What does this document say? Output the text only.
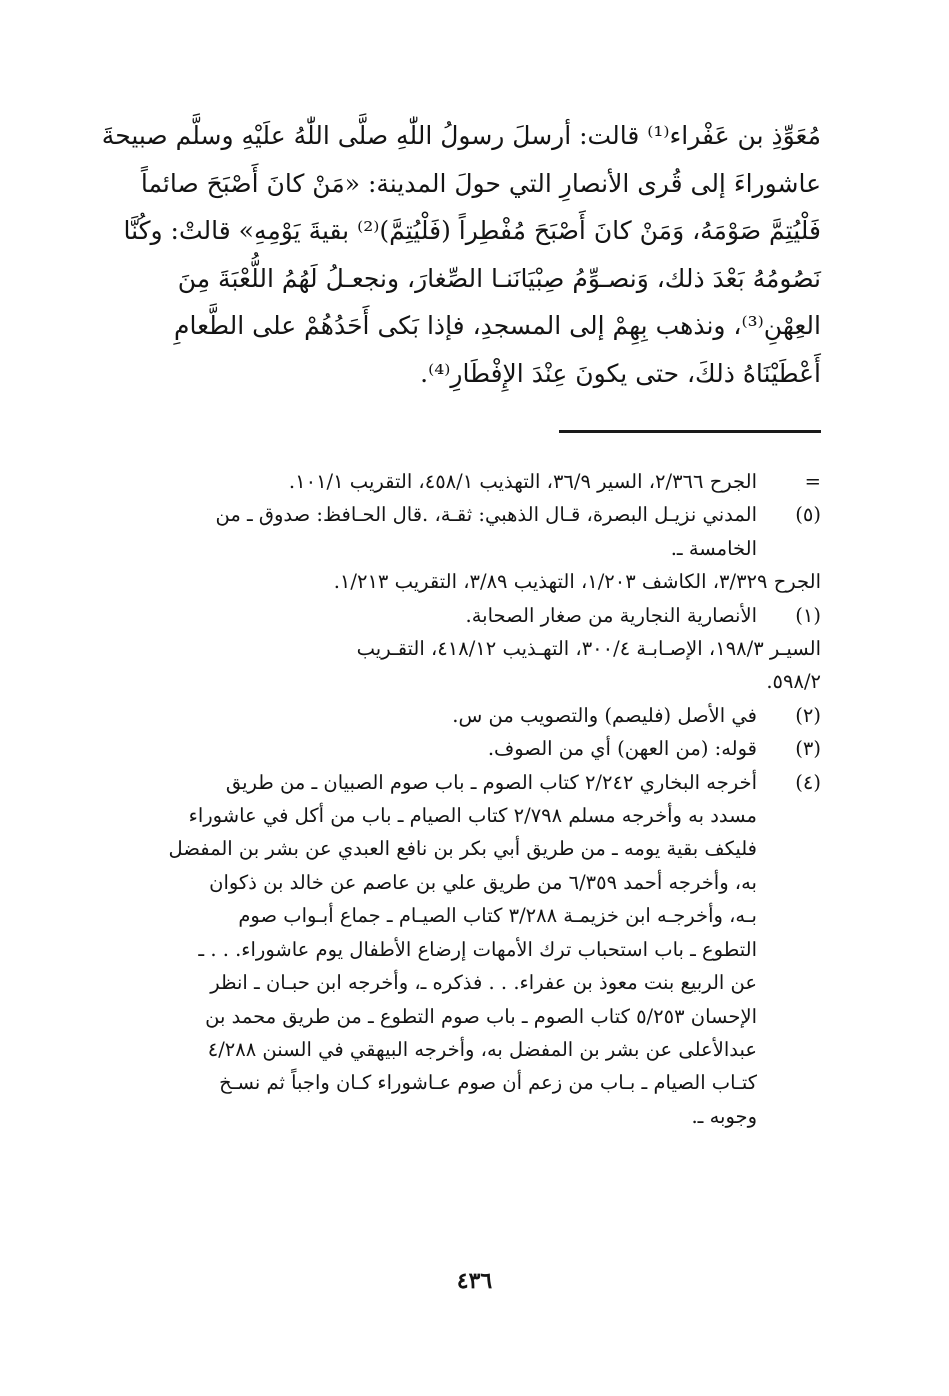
مُعَوِّذِ بن عَفْراء⁽¹⁾ قالت: أرسلَ رسولُ اللّٰهِ صلَّى اللّٰهُ علَيْهِ وسلَّم صبيحةَ
عاشوراءَ إلى قُرى الأنصارِ التي حولَ المدينة: «مَنْ كانَ أَصْبَحَ صائماً
فَلْيُتِمَّ صَوْمَهُ، وَمَنْ كانَ أَصْبَحَ مُفْطِراً (فَلْيُتِمَّ)⁽²⁾ بقيةَ يَوْمِهِ» قالتْ: وكُنَّا
نَصُومُهُ بَعْدَ ذلك، وَنصـوِّمُ صِبْيَانَنـا الصِّغارَ، ونجعـلُ لَهُمُ اللُّعْبَةَ مِنَ
العِهْنِ⁽³⁾، ونذهب بِهِمْ إلى المسجدِ، فإذا بَكى أَحَدُهُمْ على الطَّعامِ
أَعْطَيْنَاهُ ذلكَ، حتى يكونَ عِنْدَ الإِفْطَارِ⁽⁴⁾.
=
الجرح ٢/٣٦٦، السير ٣٦/٩، التهذيب ٤٥٨/١، التقريب ١٠١/١.
(٥)
المدني نزيـل البصرة، قـال الذهبي: ثقـة، .قال الحـافظ: صدوق ـ من
الخامسة ـ.
الجرح ٣/٣٢٩، الكاشف ١/٢٠٣، التهذيب ٣/٨٩، التقريب ١/٢١٣.
(١)
الأنصارية النجارية من صغار الصحابة.
السيـر ١٩٨/٣، الإصـابـة ٣٠٠/٤، التهـذيب ٤١٨/١٢، التقـريب
٥٩٨/٢.
(٢)
في الأصل (فليصم) والتصويب من س.
(٣)
قوله: (من العهن) أي من الصوف.
(٤)
أخرجه البخاري ٢/٢٤٢ كتاب الصوم ـ باب صوم الصبيان ـ من طريق
مسدد به وأخرجه مسلم ٢/٧٩٨ كتاب الصيام ـ باب من أكل في عاشوراء
فليكف بقية يومه ـ من طريق أبي بكر بن نافع العبدي عن بشر بن المفضل
به، وأخرجه أحمد ٦/٣٥٩ من طريق علي بن عاصم عن خالد بن ذكوان
بـه، وأخرجـه ابن خزيمـة ٣/٢٨٨ كتاب الصيـام ـ جماع أبـواب صوم
التطوع ـ باب استحباب ترك الأمهات إرضاع الأطفال يوم عاشوراء. . . ـ
عن الربيع بنت معوذ بن عفراء. . . فذكره ـ، وأخرجه ابن حبـان ـ انظر
الإحسان ٥/٢٥٣ كتاب الصوم ـ باب صوم التطوع ـ من طريق محمد بن
عبدالأعلى عن بشر بن المفضل به، وأخرجه البيهقي في السنن ٤/٢٨٨
كتـاب الصيام ـ بـاب من زعم أن صوم عـاشوراء كـان واجباً ثم نسـخ
وجوبه ـ.
٤٣٦
